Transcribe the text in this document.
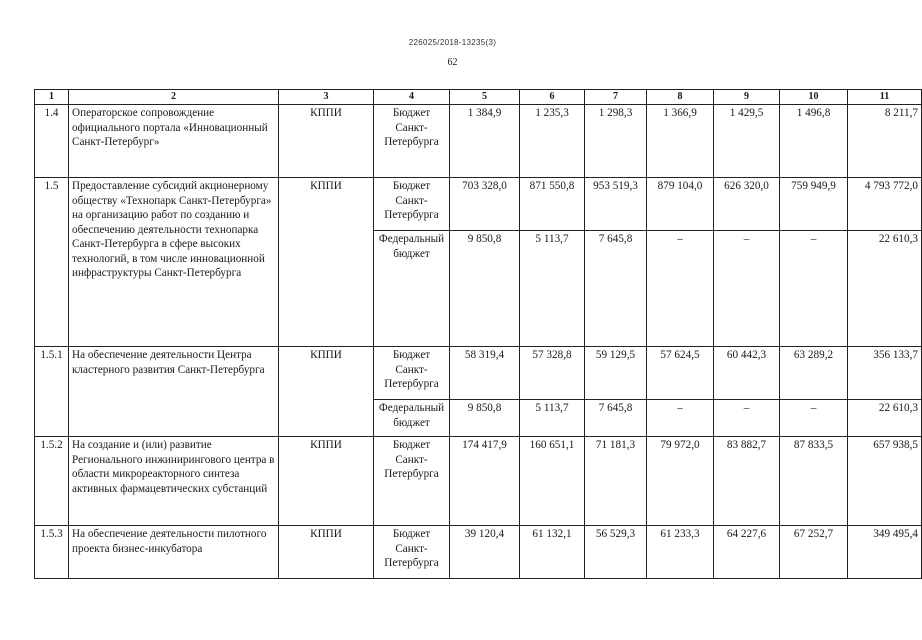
226025/2018-13235(3)
62
1	2	3	4	5	6	7	8	9	10	11
1.4	Операторское сопровождение официального портала «Инновационный Санкт-Петербург»	КППИ	Бюджет Санкт-Петербурга	1 384,9	1 235,3	1 298,3	1 366,9	1 429,5	1 496,8	8 211,7
1.5	Предоставление субсидий акционерному обществу «Технопарк Санкт-Петербурга» на организацию работ по созданию и обеспечению деятельности технопарка Санкт-Петербурга в сфере высоких технологий, в том числе инновационной инфраструктуры Санкт-Петербурга	КППИ	Бюджет Санкт-Петербурга	703 328,0	871 550,8	953 519,3	879 104,0	626 320,0	759 949,9	4 793 772,0
			Федеральный бюджет	9 850,8	5 113,7	7 645,8	–	–	–	22 610,3
1.5.1	На обеспечение деятельности Центра кластерного развития Санкт-Петербурга	КППИ	Бюджет Санкт-Петербурга	58 319,4	57 328,8	59 129,5	57 624,5	60 442,3	63 289,2	356 133,7
			Федеральный бюджет	9 850,8	5 113,7	7 645,8	–	–	–	22 610,3
1.5.2	На создание и (или) развитие Регионального инжинирингового центра в области микрореакторного синтеза активных фармацевтических субстанций	КППИ	Бюджет Санкт-Петербурга	174 417,9	160 651,1	71 181,3	79 972,0	83 882,7	87 833,5	657 938,5
1.5.3	На обеспечение деятельности пилотного проекта бизнес-инкубатора	КППИ	Бюджет Санкт-Петербурга	39 120,4	61 132,1	56 529,3	61 233,3	64 227,6	67 252,7	349 495,4
